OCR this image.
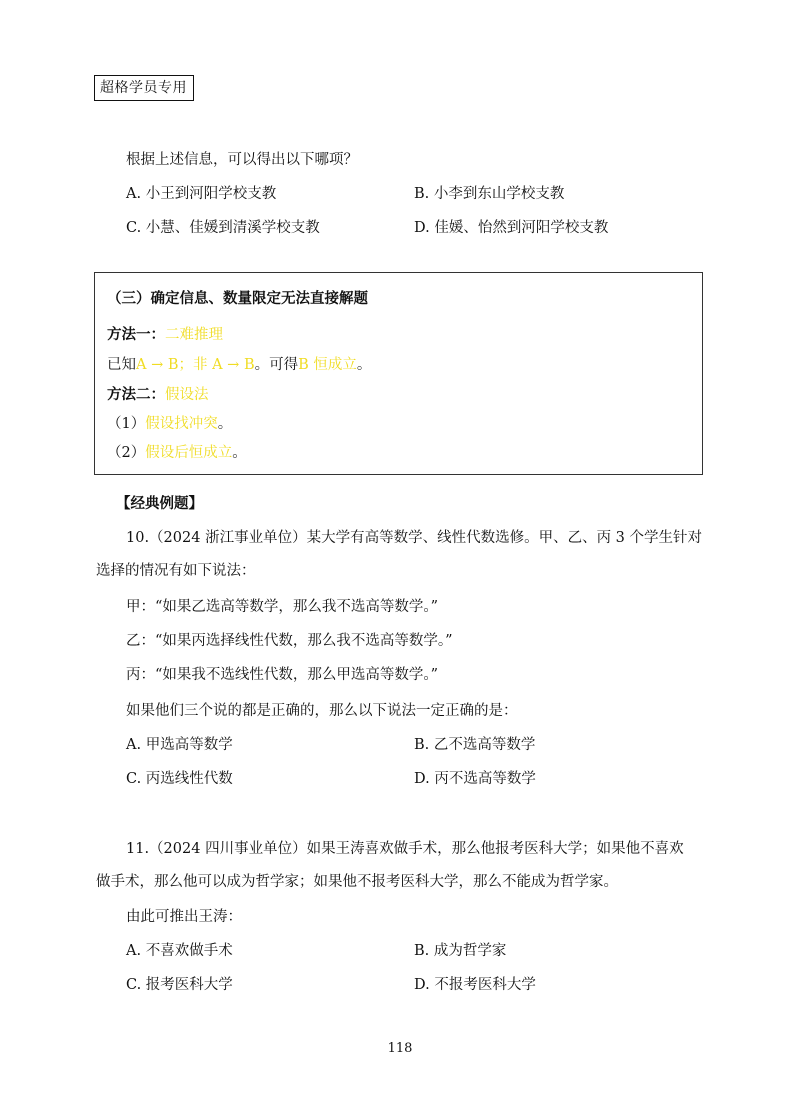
超格学员专用
根据上述信息，可以得出以下哪项？
A. 小王到河阳学校支教	B. 小李到东山学校支教
C. 小慧、佳媛到清溪学校支教	D. 佳媛、怡然到河阳学校支教
（三）确定信息、数量限定无法直接解题
方法一：二难推理
已知A → B；非 A → B。可得B 恒成立。
方法二：假设法
（1）假设找冲突。
（2）假设后恒成立。
【经典例题】
10.（2024 浙江事业单位）某大学有高等数学、线性代数选修。甲、乙、丙 3 个学生针对
选择的情况有如下说法：
甲：“如果乙选高等数学，那么我不选高等数学。”
乙：“如果丙选择线性代数，那么我不选高等数学。”
丙：“如果我不选线性代数，那么甲选高等数学。”
如果他们三个说的都是正确的，那么以下说法一定正确的是：
A. 甲选高等数学	B. 乙不选高等数学
C. 丙选线性代数	D. 丙不选高等数学
11.（2024 四川事业单位）如果王涛喜欢做手术，那么他报考医科大学；如果他不喜欢
做手术，那么他可以成为哲学家；如果他不报考医科大学，那么不能成为哲学家。
由此可推出王涛：
A. 不喜欢做手术	B. 成为哲学家
C. 报考医科大学	D. 不报考医科大学
118
